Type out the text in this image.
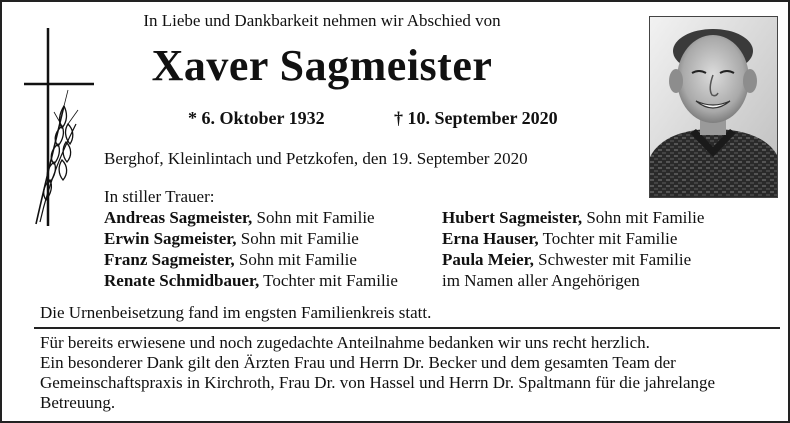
In Liebe und Dankbarkeit nehmen wir Abschied von
Xaver Sagmeister
* 6. Oktober 1932	† 10. September 2020
Berghof, Kleinlintach und Petzkofen, den 19. September 2020
In stiller Trauer:
Andreas Sagmeister, Sohn mit Familie
Erwin Sagmeister, Sohn mit Familie
Franz Sagmeister, Sohn mit Familie
Renate Schmidbauer, Tochter mit Familie
Hubert Sagmeister, Sohn mit Familie
Erna Hauser, Tochter mit Familie
Paula Meier, Schwester mit Familie
im Namen aller Angehörigen
Die Urnenbeisetzung fand im engsten Familienkreis statt.
Für bereits erwiesene und noch zugedachte Anteilnahme bedanken wir uns recht herzlich.
Ein besonderer Dank gilt den Ärzten Frau und Herrn Dr. Becker und dem gesamten Team der
Gemeinschaftspraxis in Kirchroth, Frau Dr. von Hassel und Herrn Dr. Spaltmann für die jahrelange
Betreuung.
